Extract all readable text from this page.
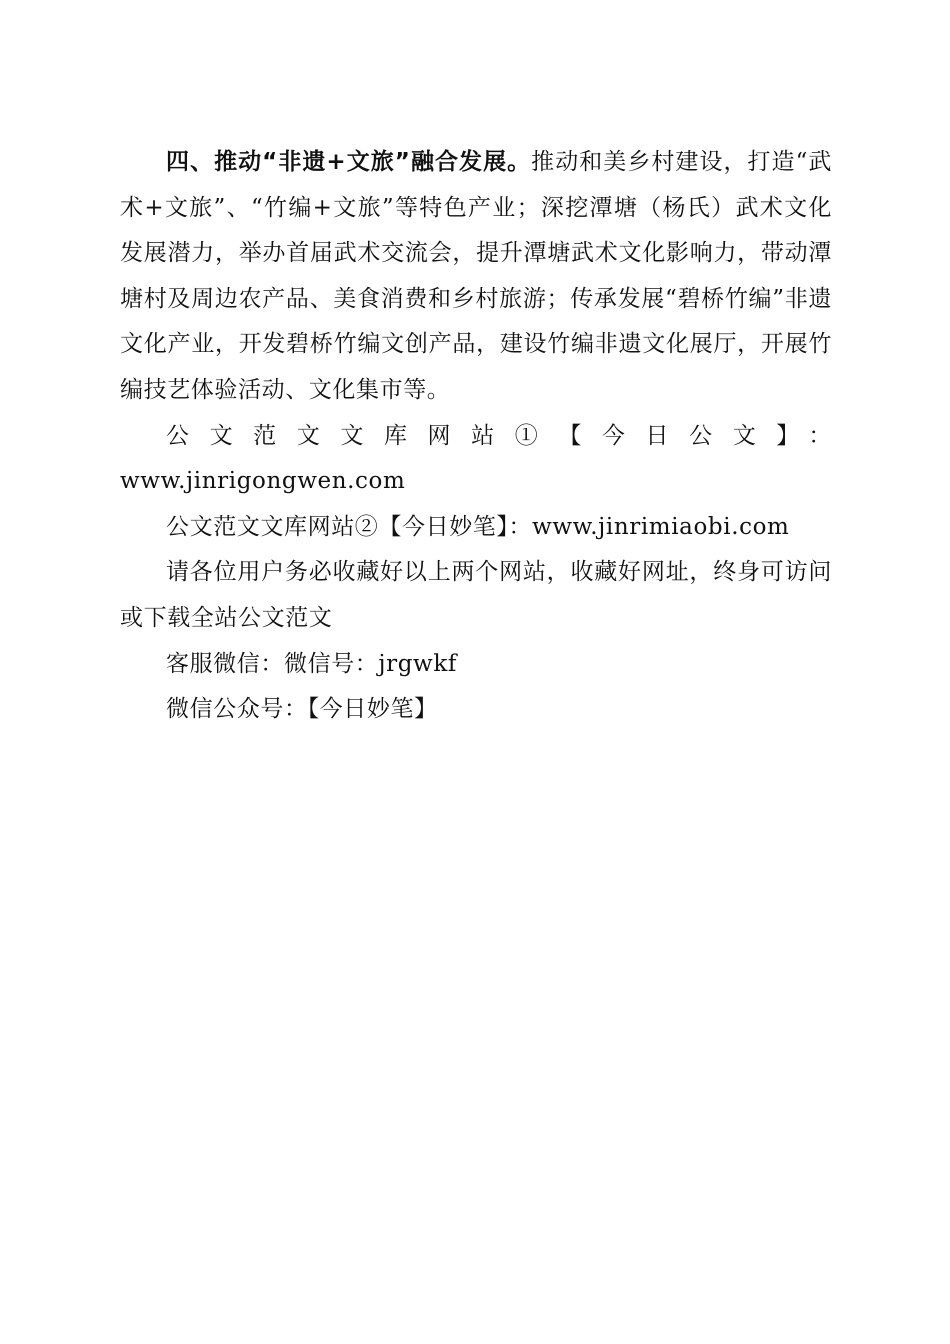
四、推动“非遗+文旅”融合发展。推动和美乡村建设，打造“武术+文旅”、“竹编+文旅”等特色产业；深挖潭塘（杨氏）武术文化发展潜力，举办首届武术交流会，提升潭塘武术文化影响力，带动潭塘村及周边农产品、美食消费和乡村旅游；传承发展“碧桥竹编”非遗文化产业，开发碧桥竹编文创产品，建设竹编非遗文化展厅，开展竹编技艺体验活动、文化集市等。

公文范文文库网站①【今日公文】：

www.jinrigongwen.com

公文范文文库网站②【今日妙笔】：www.jinrimiaobi.com

请各位用户务必收藏好以上两个网站，收藏好网址，终身可访问或下载全站公文范文

客服微信：微信号：jrgwkf

微信公众号：【今日妙笔】
